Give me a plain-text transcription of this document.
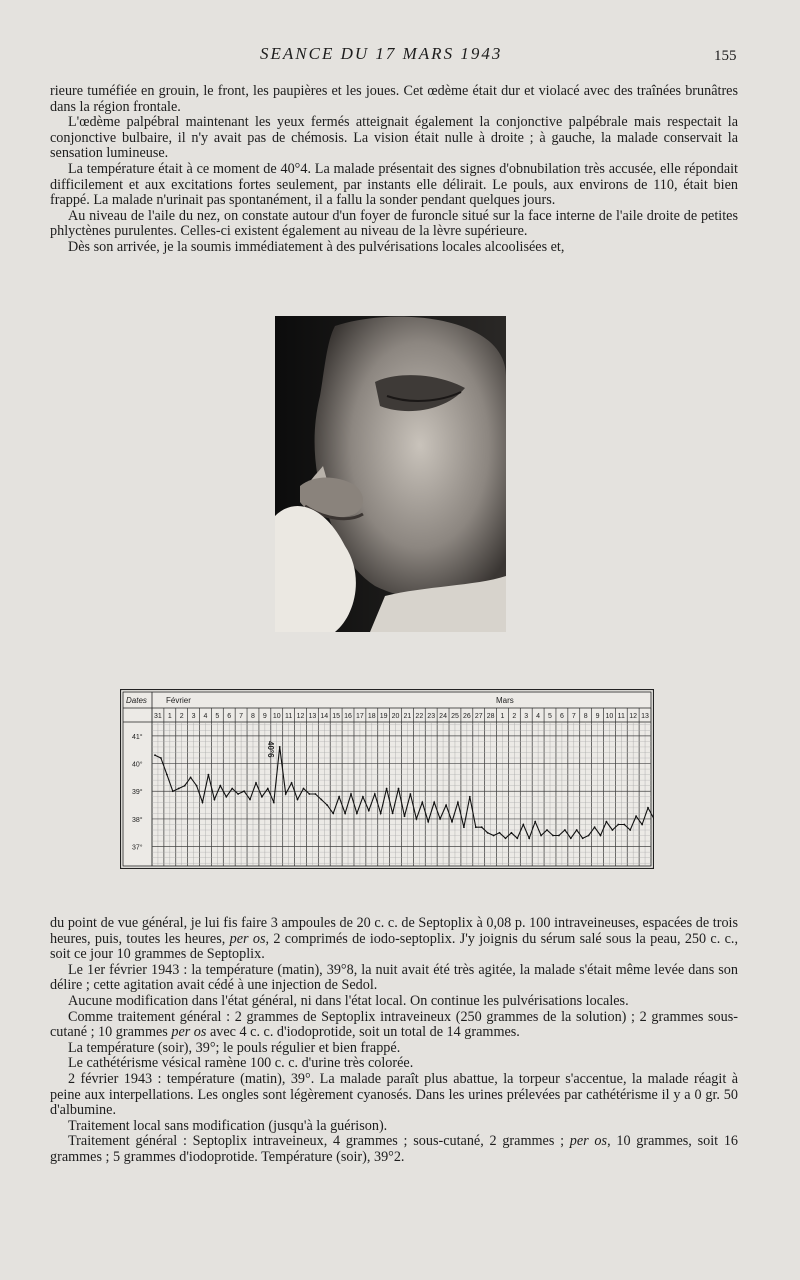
SEANCE DU 17 MARS 1943	155

rieure tuméfiée en grouin, le front, les paupières et les joues. Cet œdème était dur et violacé avec des traînées brunâtres dans la région frontale.

L'œdème palpébral maintenant les yeux fermés atteignait également la conjonctive palpébrale mais respectait la conjonctive bulbaire, il n'y avait pas de chémosis. La vision était nulle à droite ; à gauche, la malade conservait la sensation lumineuse.

La température était à ce moment de 40°4. La malade présentait des signes d'obnubilation très accusée, elle répondait difficilement et aux excitations fortes seulement, par instants elle délirait. Le pouls, aux environs de 110, était bien frappé. La malade n'urinait pas spontanément, il a fallu la sonder pendant quelques jours.

Au niveau de l'aile du nez, on constate autour d'un foyer de furoncle situé sur la face interne de l'aile droite de petites phlyctènes purulentes. Celles-ci existent également au niveau de la lèvre supérieure.

Dès son arrivée, je la soumis immédiatement à des pulvérisations locales alcoolisées et,

Dates Février	Mars
31 1 2 3 4 5 6 7 8 9 10 11 12 13 14 15 16 17 18 19 20 21 22 23 24 25 26 27 28 1 2 3 4 5 6 7 8 9 10 11 12 13
41°
40°
39°
38°
37°
40°6

du point de vue général, je lui fis faire 3 ampoules de 20 c. c. de Septoplix à 0,08 p. 100 intraveineuses, espacées de trois heures, puis, toutes les heures, per os, 2 comprimés de iodo-septoplix. J'y joignis du sérum salé sous la peau, 250 c. c., soit ce jour 10 grammes de Septoplix.

Le 1er février 1943 : la température (matin), 39°8, la nuit avait été très agitée, la malade s'était même levée dans son délire ; cette agitation avait cédé à une injection de Sedol.

Aucune modification dans l'état général, ni dans l'état local. On continue les pulvérisations locales.

Comme traitement général : 2 grammes de Septoplix intraveineux (250 grammes de la solution) ; 2 grammes sous-cutané ; 10 grammes per os avec 4 c. c. d'iodoprotide, soit un total de 14 grammes.

La température (soir), 39°; le pouls régulier et bien frappé.

Le cathétérisme vésical ramène 100 c. c. d'urine très colorée.

2 février 1943 : température (matin), 39°. La malade paraît plus abattue, la torpeur s'accentue, la malade réagit à peine aux interpellations. Les ongles sont légèrement cyanosés. Dans les urines prélevées par cathétérisme il y a 0 gr. 50 d'albumine.

Traitement local sans modification (jusqu'à la guérison).

Traitement général : Septoplix intraveineux, 4 grammes ; sous-cutané, 2 grammes ; per os, 10 grammes, soit 16 grammes ; 5 grammes d'iodoprotide. Température (soir), 39°2.
